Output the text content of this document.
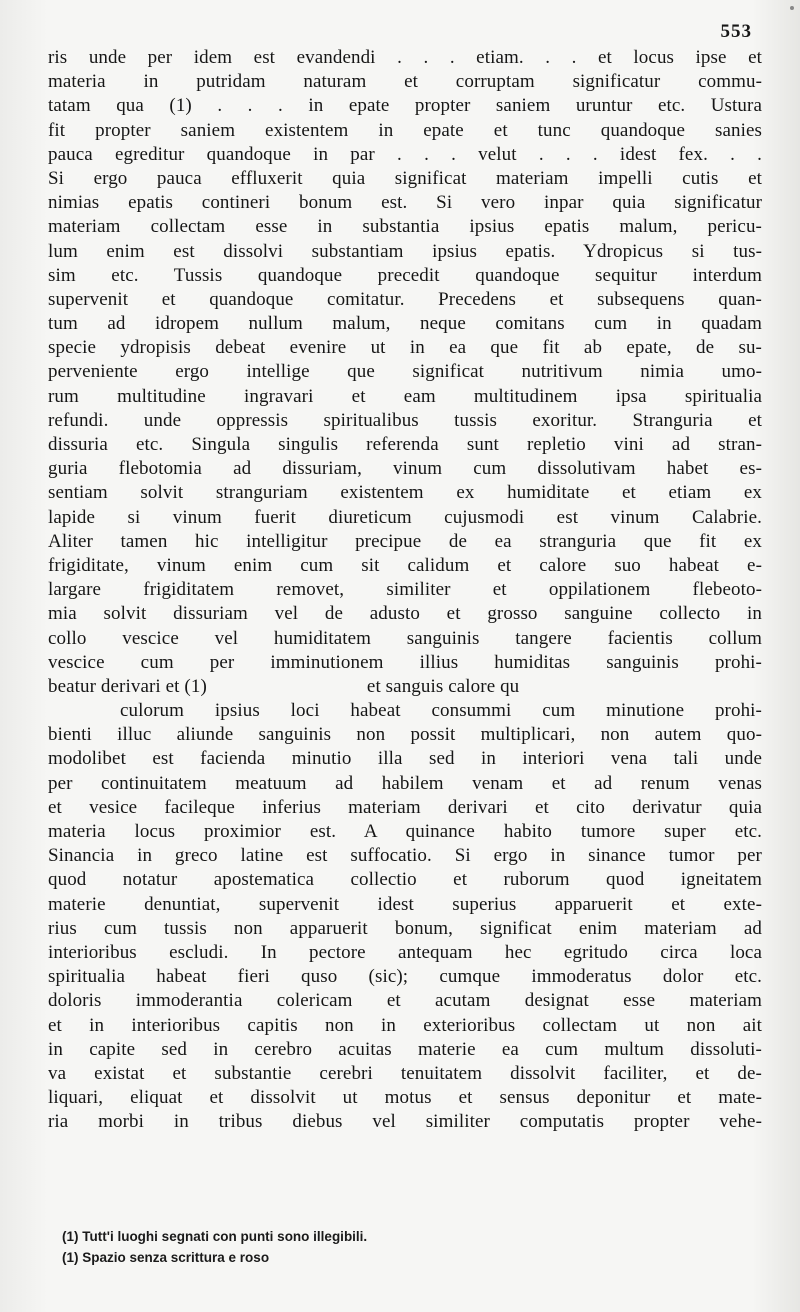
553
ris unde per idem est evandendi . . . etiam. . . et locus ipse et
materia in putridam naturam et corruptam significatur commu-
tatam qua (1) . . . in epate propter saniem uruntur etc. Ustura
fit propter saniem existentem in epate et tunc quandoque sanies
pauca egreditur quandoque in par . . . velut . . . idest fex. . .
Si ergo pauca effluxerit quia significat materiam impelli cutis et
nimias epatis contineri bonum est. Si vero inpar quia significatur
materiam collectam esse in substantia ipsius epatis malum, pericu-
lum enim est dissolvi substantiam ipsius epatis. Ydropicus si tus-
sim etc. Tussis quandoque precedit quandoque sequitur interdum
supervenit et quandoque comitatur. Precedens et subsequens quan-
tum ad idropem nullum malum, neque comitans cum in quadam
specie ydropisis debeat evenire ut in ea que fit ab epate, de su-
perveniente ergo intellige que significat nutritivum nimia umo-
rum multitudine ingravari et eam multitudinem ipsa spiritualia
refundi. unde oppressis spiritualibus tussis exoritur. Stranguria et
dissuria etc. Singula singulis referenda sunt repletio vini ad stran-
guria flebotomia ad dissuriam, vinum cum dissolutivam habet es-
sentiam solvit stranguriam existentem ex humiditate et etiam ex
lapide si vinum fuerit diureticum cujusmodi est vinum Calabrie.
Aliter tamen hic intelligitur precipue de ea stranguria que fit ex
frigiditate, vinum enim cum sit calidum et calore suo habeat e-
largare frigiditatem removet, similiter et oppilationem flebeoto-
mia solvit dissuriam vel de adusto et grosso sanguine collecto in
collo vescice vel humiditatem sanguinis tangere facientis collum
vescice cum per imminutionem illius humiditas sanguinis prohi-
beatur derivari et (1)                                 et sanguis calore qu
culorum ipsius loci habeat consummi cum minutione prohi-
bienti illuc aliunde sanguinis non possit multiplicari, non autem quo-
modolibet est facienda minutio illa sed in interiori vena tali unde
per continuitatem meatuum ad habilem venam et ad renum venas
et vesice facileque inferius materiam derivari et cito derivatur quia
materia locus proximior est. A quinance habito tumore super etc.
Sinancia in greco latine est suffocatio. Si ergo in sinance tumor per
quod notatur apostematica collectio et ruborum quod igneitatem
materie denuntiat, supervenit idest superius apparuerit et exte-
rius cum tussis non apparuerit bonum, significat enim materiam ad
interioribus escludi. In pectore antequam hec egritudo circa loca
spiritualia habeat fieri quso (sic); cumque immoderatus dolor etc.
doloris immoderantia colericam et acutam designat esse materiam
et in interioribus capitis non in exterioribus collectam ut non ait
in capite sed in cerebro acuitas materie ea cum multum dissoluti-
va existat et substantie cerebri tenuitatem dissolvit faciliter, et de-
liquari, eliquat et dissolvit ut motus et sensus deponitur et mate-
ria morbi in tribus diebus vel similiter computatis propter vehe-
(1) Tutt'i luoghi segnati con punti sono illegibili.
(1) Spazio senza scrittura e roso
